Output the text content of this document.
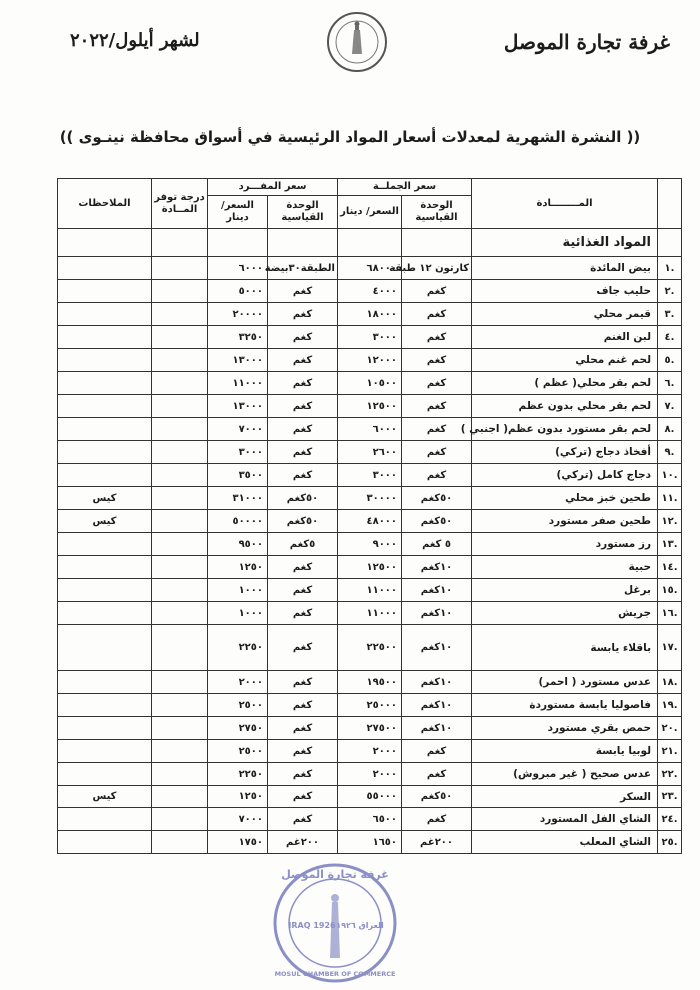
غرفة تجارة الموصل
لشهر أيلول/٢٠٢٢
(( النشرة الشهرية لمعدلات أسعار المواد الرئيسية في أسواق محافظة نينـوى ))
	المــــــــادة	سعر الجملــة		سعر المفـــرد		درجة توفر المــادة	الملاحظات
		الوحدة القياسية	السعر/ دينار	الوحدة القياسية	السعر/ دينار		
	المواد الغذائية						
.١	بيض المائدة	كارتون ١٢ طبقة	٦٨٠٠٠	الطبقة٣٠بيضة	٦٠٠٠		
.٢	حليب جاف	كغم	٤٠٠٠	كغم	٥٠٠٠		
.٣	قيمر محلي	كغم	١٨٠٠٠	كغم	٢٠٠٠٠		
.٤	لبن الغنم	كغم	٣٠٠٠	كغم	٣٢٥٠		
.٥	لحم غنم محلي	كغم	١٢٠٠٠	كغم	١٣٠٠٠		
.٦	لحم بقر محلي( عظم )	كغم	١٠٥٠٠	كغم	١١٠٠٠		
.٧	لحم بقر محلي بدون عظم	كغم	١٢٥٠٠	كغم	١٣٠٠٠		
.٨	لحم بقر مستورد بدون عظم( اجنبي )	كغم	٦٠٠٠	كغم	٧٠٠٠		
.٩	أفخاذ دجاج (تركي)	كغم	٢٦٠٠	كغم	٣٠٠٠		
.١٠	دجاج كامل (تركي)	كغم	٣٠٠٠	كغم	٣٥٠٠		
.١١	طحين خبز محلي	٥٠كغم	٣٠٠٠٠	٥٠كغم	٣١٠٠٠		كيس
.١٢	طحين صفر مستورد	٥٠كغم	٤٨٠٠٠	٥٠كغم	٥٠٠٠٠		كيس
.١٣	رز مستورد	٥ كغم	٩٠٠٠	٥كغم	٩٥٠٠		
.١٤	حبية	١٠كغم	١٢٥٠٠	كغم	١٢٥٠		
.١٥	برغل	١٠كغم	١١٠٠٠	كغم	١٠٠٠		
.١٦	جريش	١٠كغم	١١٠٠٠	كغم	١٠٠٠		
.١٧	باقلاء يابسة	١٠كغم	٢٢٥٠٠	كغم	٢٢٥٠		
.١٨	عدس مستورد ( احمر)	١٠كغم	١٩٥٠٠	كغم	٢٠٠٠		
.١٩	فاصوليا يابسة مستوردة	١٠كغم	٢٥٠٠٠	كغم	٢٥٠٠		
.٢٠	حمص بقري مستورد	١٠كغم	٢٧٥٠٠	كغم	٢٧٥٠		
.٢١	لوبيا يابسة	كغم	٢٠٠٠	كغم	٢٥٠٠		
.٢٢	عدس صحيح ( غير مبروش)	كغم	٢٠٠٠	كغم	٢٢٥٠		
.٢٣	السكر	٥٠كغم	٥٥٠٠٠	كغم	١٢٥٠		كيس
.٢٤	الشاي الفل المستورد	كغم	٦٥٠٠	كغم	٧٠٠٠		
.٢٥	الشاي المعلب	٢٠٠غم	١٦٥٠	٢٠٠غم	١٧٥٠		
غرفة تجارة الموصل
IRAQ 1926 العراق ١٩٢٦
MOSUL CHAMBER OF COMMERCE
